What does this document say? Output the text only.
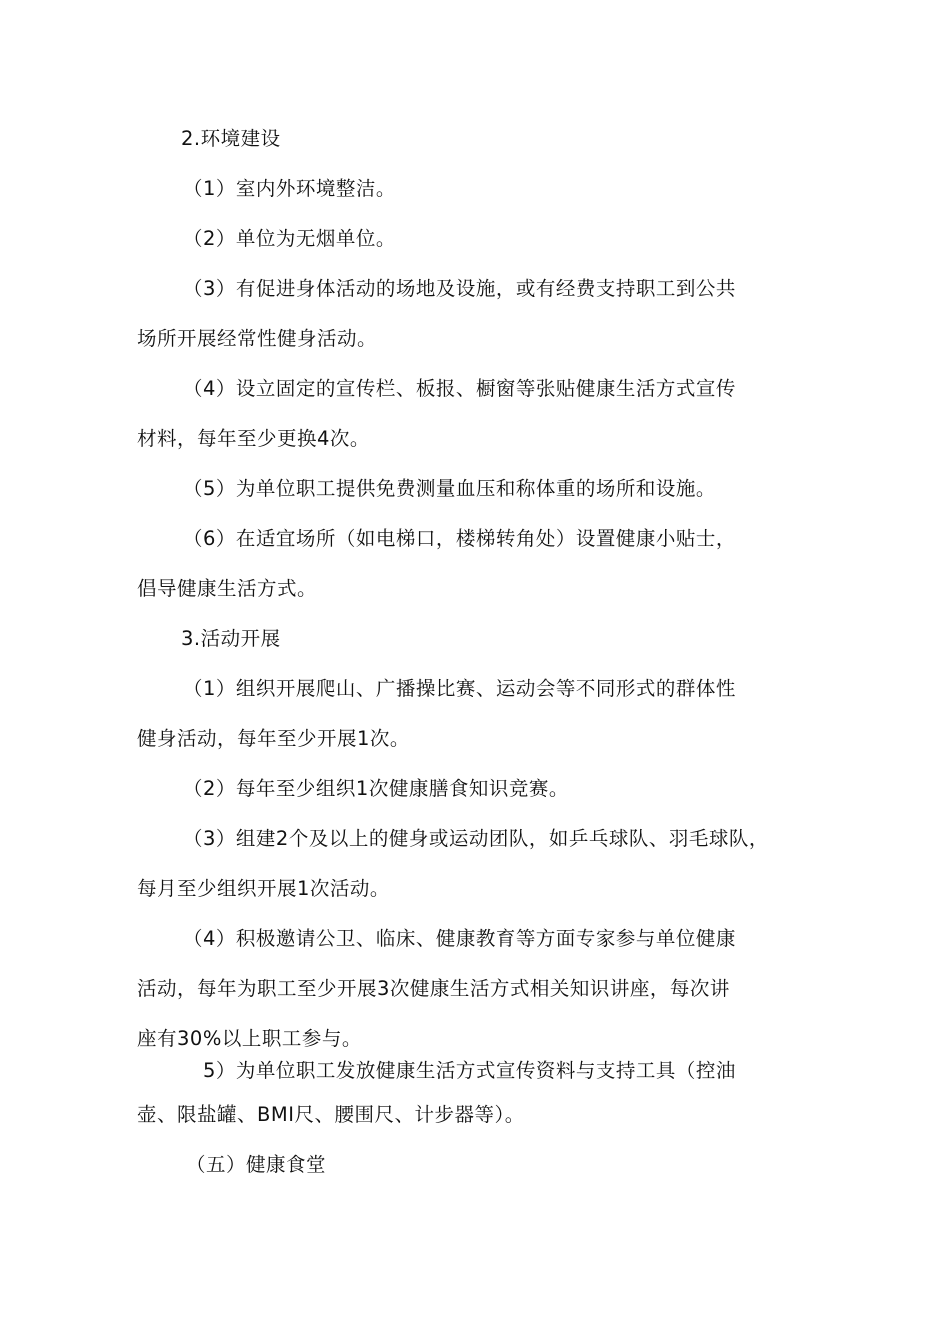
2.环境建设
（1）室内外环境整洁。
（2）单位为无烟单位。
（3）有促进身体活动的场地及设施，或有经费支持职工到公共
场所开展经常性健身活动。
（4）设立固定的宣传栏、板报、橱窗等张贴健康生活方式宣传
材料，每年至少更换4次。
（5）为单位职工提供免费测量血压和称体重的场所和设施。
（6）在适宜场所（如电梯口，楼梯转角处）设置健康小贴士，
倡导健康生活方式。
3.活动开展
（1）组织开展爬山、广播操比赛、运动会等不同形式的群体性
健身活动，每年至少开展1次。
（2）每年至少组织1次健康膳食知识竞赛。
（3）组建2个及以上的健身或运动团队，如乒乓球队、羽毛球队，
每月至少组织开展1次活动。
（4）积极邀请公卫、临床、健康教育等方面专家参与单位健康
活动，每年为职工至少开展3次健康生活方式相关知识讲座，每次讲
座有30%以上职工参与。
5）为单位职工发放健康生活方式宣传资料与支持工具（控油
壶、限盐罐、BMI尺、腰围尺、计步器等）。
（五）健康食堂
